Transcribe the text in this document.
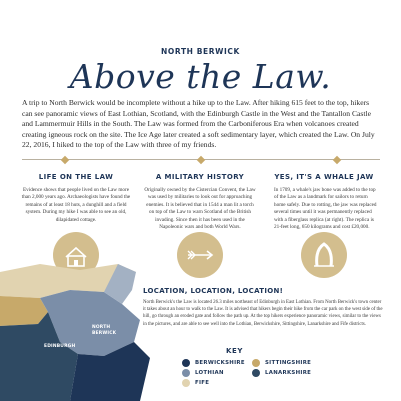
NORTH BERWICK
Above the Law.

A trip to North Berwick would be incomplete without a hike up to the Law. After hiking 615 feet to the top, hikers can see panoramic views of East Lothian, Scotland, with the Edinburgh Castle in the West and the Tantallon Castle and Lammermuir Hills in the South. The Law was formed from the Carboniferous Era when volcanoes created creating igneous rock on the site. The Ice Age later created a soft sedimentary layer, which created the Law. On July 22, 2016, I hiked to the top of the Law with three of my friends.

LIFE ON THE LAW

Evidence shows that people lived on the Law more than 2,000 years ago. Archaeologists have found the remains of at least 18 huts, a dunghill and a field system. During my hike I was able to see an old, dilapidated cottage.

A MILITARY HISTORY

Originally owned by the Cistercian Convent, the Law was used by militaries to look out for approaching enemies. It is believed that in 1544 a man lit a torch on top of the Law to warn Scotland of the British invading. Since then it has been used in the Napoleonic wars and both World Wars.

YES, IT'S A WHALE JAW

In 1709, a whale's jaw bone was added to the top of the Law as a landmark for sailors to return home safely. Due to rotting, the jaw was replaced several times until it was permanently replaced with a fiberglass replica (at right). The replica is 21-feet long, 650 kilograms and cost £20,000.

EDINBURGH
NORTH
BERWICK
LOCATION, LOCATION, LOCATION!

North Berwick's the Law is located 26.3 miles northeast of Edinburgh in East Lothian. From North Berwick's town center it takes about an hour to walk to the Law. It is advised that hikers begin their hike from the car park on the west side of the hill, go through an eroded gate and follow the path up. At the top hikers experience panoramic views, similar to the views in the pictures, and are able to see well into the Lothian, Berwickshire, Sittingshire, Lanarkshire and Fife districts.

KEY
BERWICKSHIRE	SITTINGSHIRE
LOTHIAN	LANARKSHIRE
FIFE
